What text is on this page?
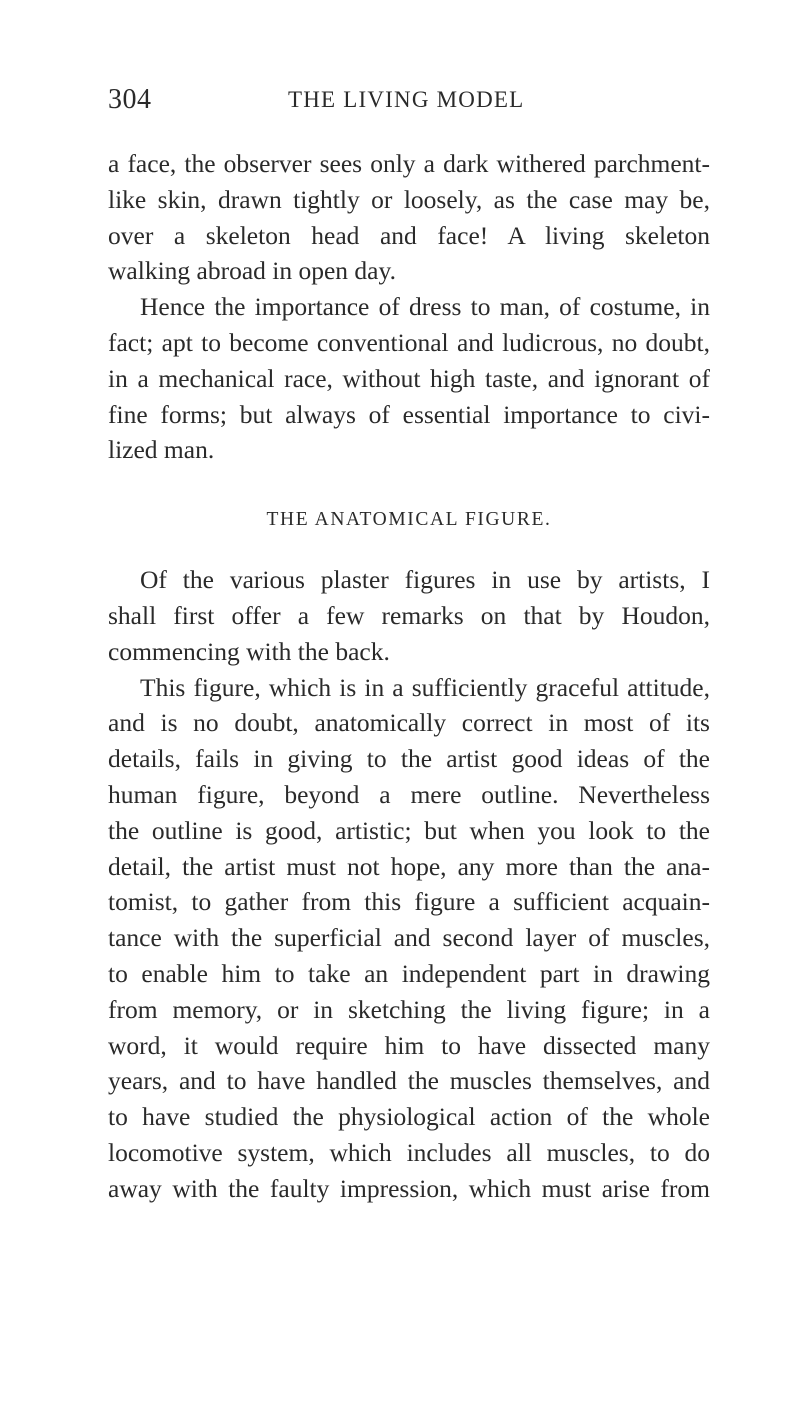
304	THE LIVING MODEL
a face, the observer sees only a dark withered parchment-
like skin, drawn tightly or loosely, as the case may be,
over a skeleton head and face! A living skeleton
walking abroad in open day.
Hence the importance of dress to man, of costume, in
fact; apt to become conventional and ludicrous, no doubt,
in a mechanical race, without high taste, and ignorant of
fine forms; but always of essential importance to civi-
lized man.
THE ANATOMICAL FIGURE.
Of the various plaster figures in use by artists, I
shall first offer a few remarks on that by Houdon,
commencing with the back.
This figure, which is in a sufficiently graceful attitude,
and is no doubt, anatomically correct in most of its
details, fails in giving to the artist good ideas of the
human figure, beyond a mere outline. Nevertheless
the outline is good, artistic; but when you look to the
detail, the artist must not hope, any more than the ana-
tomist, to gather from this figure a sufficient acquain-
tance with the superficial and second layer of muscles,
to enable him to take an independent part in drawing
from memory, or in sketching the living figure; in a
word, it would require him to have dissected many
years, and to have handled the muscles themselves, and
to have studied the physiological action of the whole
locomotive system, which includes all muscles, to do
away with the faulty impression, which must arise from
